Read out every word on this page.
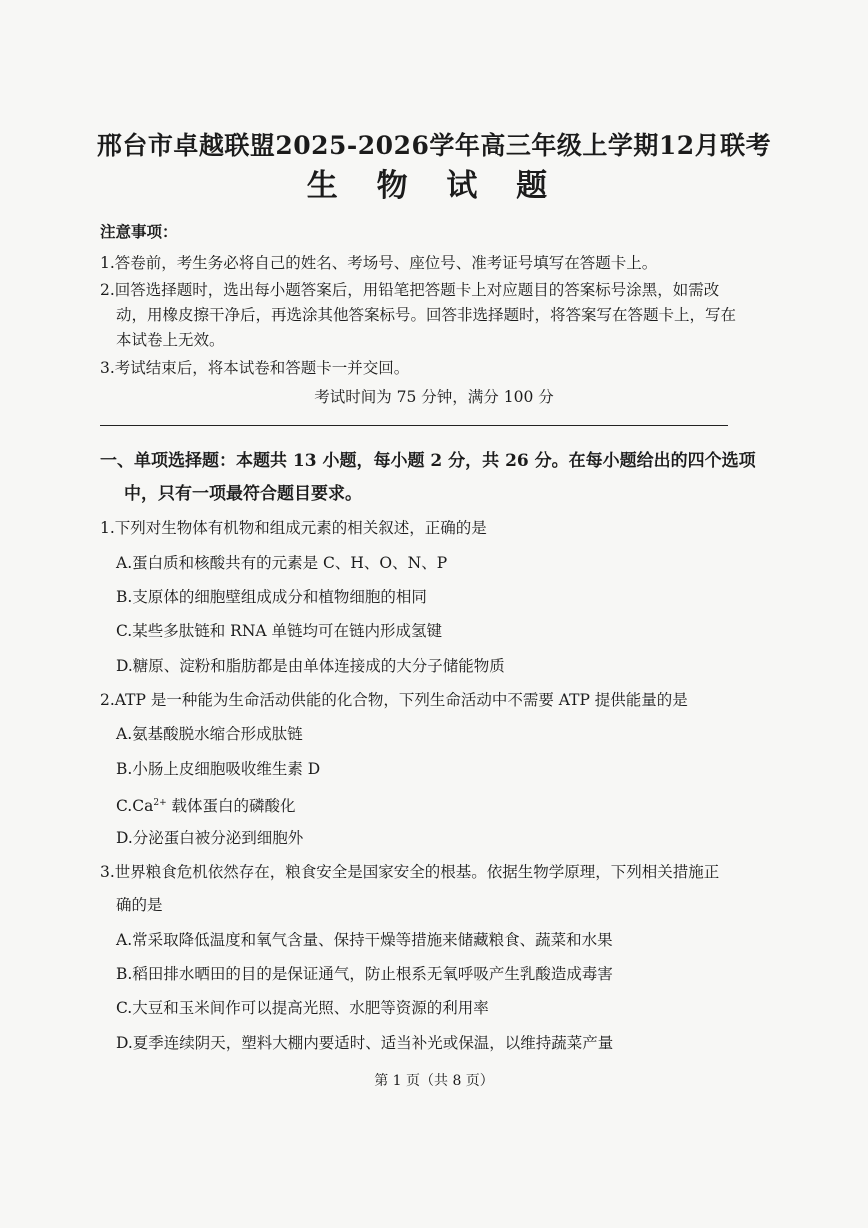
邢台市卓越联盟2025-2026学年高三年级上学期12月联考
生 物 试 题
注意事项：
1.答卷前，考生务必将自己的姓名、考场号、座位号、准考证号填写在答题卡上。
2.回答选择题时，选出每小题答案后，用铅笔把答题卡上对应题目的答案标号涂黑，如需改
动，用橡皮擦干净后，再选涂其他答案标号。回答非选择题时，将答案写在答题卡上，写在
本试卷上无效。
3.考试结束后，将本试卷和答题卡一并交回。
考试时间为 75 分钟，满分 100 分
一、单项选择题：本题共 13 小题，每小题 2 分，共 26 分。在每小题给出的四个选项
中，只有一项最符合题目要求。
1.下列对生物体有机物和组成元素的相关叙述，正确的是
A.蛋白质和核酸共有的元素是 C、H、O、N、P
B.支原体的细胞壁组成成分和植物细胞的相同
C.某些多肽链和 RNA 单链均可在链内形成氢键
D.糖原、淀粉和脂肪都是由单体连接成的大分子储能物质
2.ATP 是一种能为生命活动供能的化合物，下列生命活动中不需要 ATP 提供能量的是
A.氨基酸脱水缩合形成肽链
B.小肠上皮细胞吸收维生素 D
$C.Ca^{2+}$ 载体蛋白的磷酸化
D.分泌蛋白被分泌到细胞外
3.世界粮食危机依然存在，粮食安全是国家安全的根基。依据生物学原理，下列相关措施正
确的是
A.常采取降低温度和氧气含量、保持干燥等措施来储藏粮食、蔬菜和水果
B.稻田排水晒田的目的是保证通气，防止根系无氧呼吸产生乳酸造成毒害
C.大豆和玉米间作可以提高光照、水肥等资源的利用率
D.夏季连续阴天，塑料大棚内要适时、适当补光或保温，以维持蔬菜产量
第 1 页（共 8 页）
